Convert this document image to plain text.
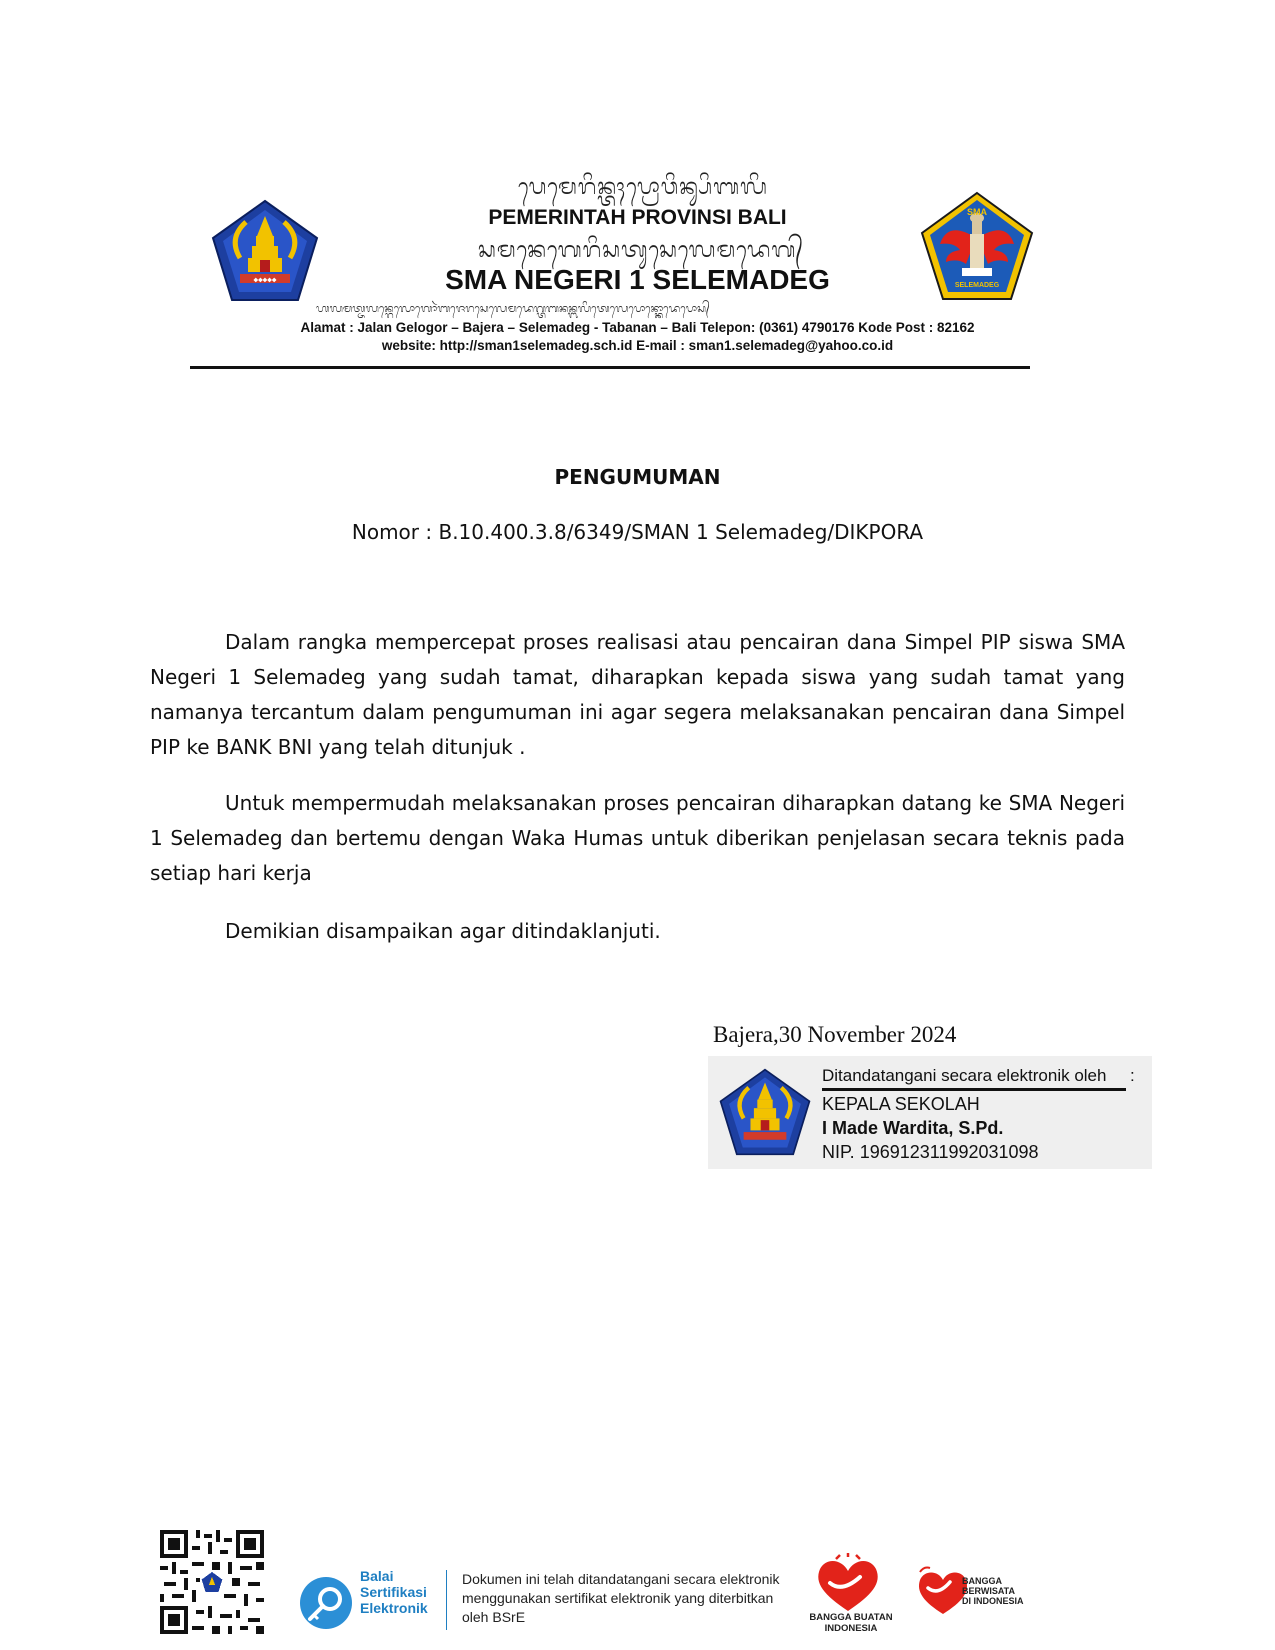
◆◆◆◆◆
SMA
SELEMADEG
ᬧᬾᬫᬾᬭᬶᬦ᭄ᬢᬄᬧ᭄ᬭᭀᬯᬶᬦ᭄ᬲᬶᬩᬮᬶ
PEMERINTAH PROVINSI BALI
ᬲᬫᬦᬾᬕᬾᬭᬶᬲᬢᬸᬲᬾᬮᬾᬫᬤᬾᬕ᭄
SMA NEGERI 1 SELEMADEG
ᬳᬮᬫᬢ᭄ᬚᬮᬦ᭄ᬕᬾᬮᭀᬕᭀᬃᬩᬚᬾᬭᬲᬾᬮᬾᬫᬤᬾᬕ᭄ᬢᬩᬦᬦ᭄ᬩᬮᬶᬢᬾᬮᬾᬧᭀᬦ᭄ᬓᭀᬤᬾᬧᭀᬲ᭄
Alamat : Jalan Gelogor – Bajera – Selemadeg - Tabanan – Bali Telepon: (0361) 4790176 Kode Post : 82162
website: http://sman1selemadeg.sch.id E-mail : sman1.selemadeg@yahoo.co.id
PENGUMUMAN
Nomor : B.10.400.3.8/6349/SMAN 1 Selemadeg/DIKPORA
Dalam rangka mempercepat proses realisasi atau pencairan dana Simpel PIP siswa SMA Negeri 1 Selemadeg yang sudah tamat, diharapkan kepada siswa yang sudah tamat yang namanya tercantum dalam pengumuman ini agar segera melaksanakan pencairan dana Simpel PIP ke BANK BNI yang telah ditunjuk .
Untuk mempermudah melaksanakan proses pencairan diharapkan datang ke SMA Negeri 1 Selemadeg dan bertemu dengan Waka Humas untuk diberikan penjelasan secara teknis pada setiap hari kerja
Demikian disampaikan agar ditindaklanjuti.
Bajera,30 November 2024
Ditandatangani secara elektronik oleh :
KEPALA SEKOLAH
I Made Wardita, S.Pd.
NIP. 196912311992031098
Balai
Sertifikasi
Elektronik
Dokumen ini telah ditandatangani secara elektronik menggunakan sertifikat elektronik yang diterbitkan oleh BSrE	BANGGA BUATAN
INDONESIA
BANGGA
BERWISATA
DI INDONESIA
